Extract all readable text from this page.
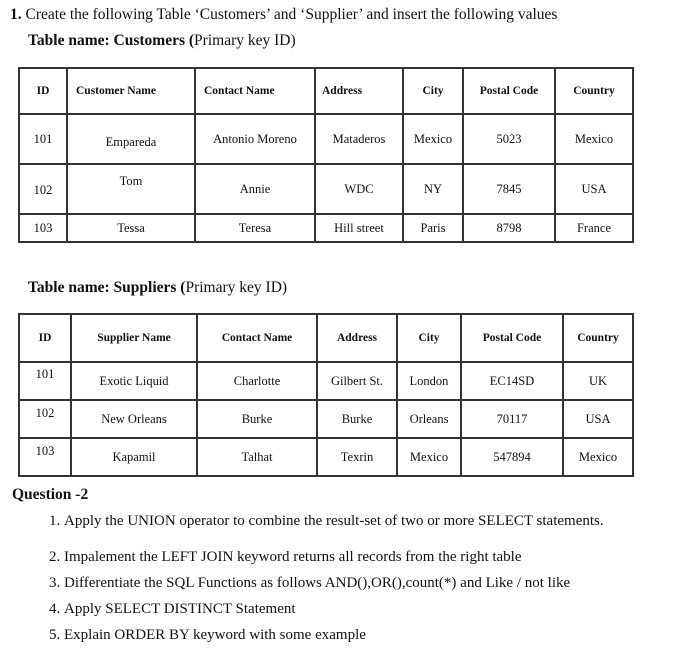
1. Create the following Table ‘Customers’ and ‘Supplier’ and insert the following values
Table name: Customers (Primary key ID)
ID	Customer Name	Contact Name	Address	City	Postal Code	Country
101	Empareda	Antonio Moreno	Mataderos	Mexico	5023	Mexico

102	Tom	Annie	WDC	NY	7845	USA

103	Tessa	Teresa	Hill street	Paris	8798	France
Table name: Suppliers (Primary key ID)
ID	Supplier Name	Contact Name	Address	City	Postal Code	Country

101	Exotic Liquid	Charlotte	Gilbert St.	London	EC14SD	UK

102	New Orleans	Burke	Burke	Orleans	70117	USA

103	Kapamil	Talhat	Texrin	Mexico	547894	Mexico
Question -2
1. Apply the UNION operator to combine the result-set of two or more SELECT statements.
2. Impalement the LEFT JOIN keyword returns all records from the right table
3. Differentiate the SQL Functions as follows AND(),OR(),count(*) and Like / not like
4. Apply SELECT DISTINCT Statement
5. Explain ORDER BY keyword with some example
